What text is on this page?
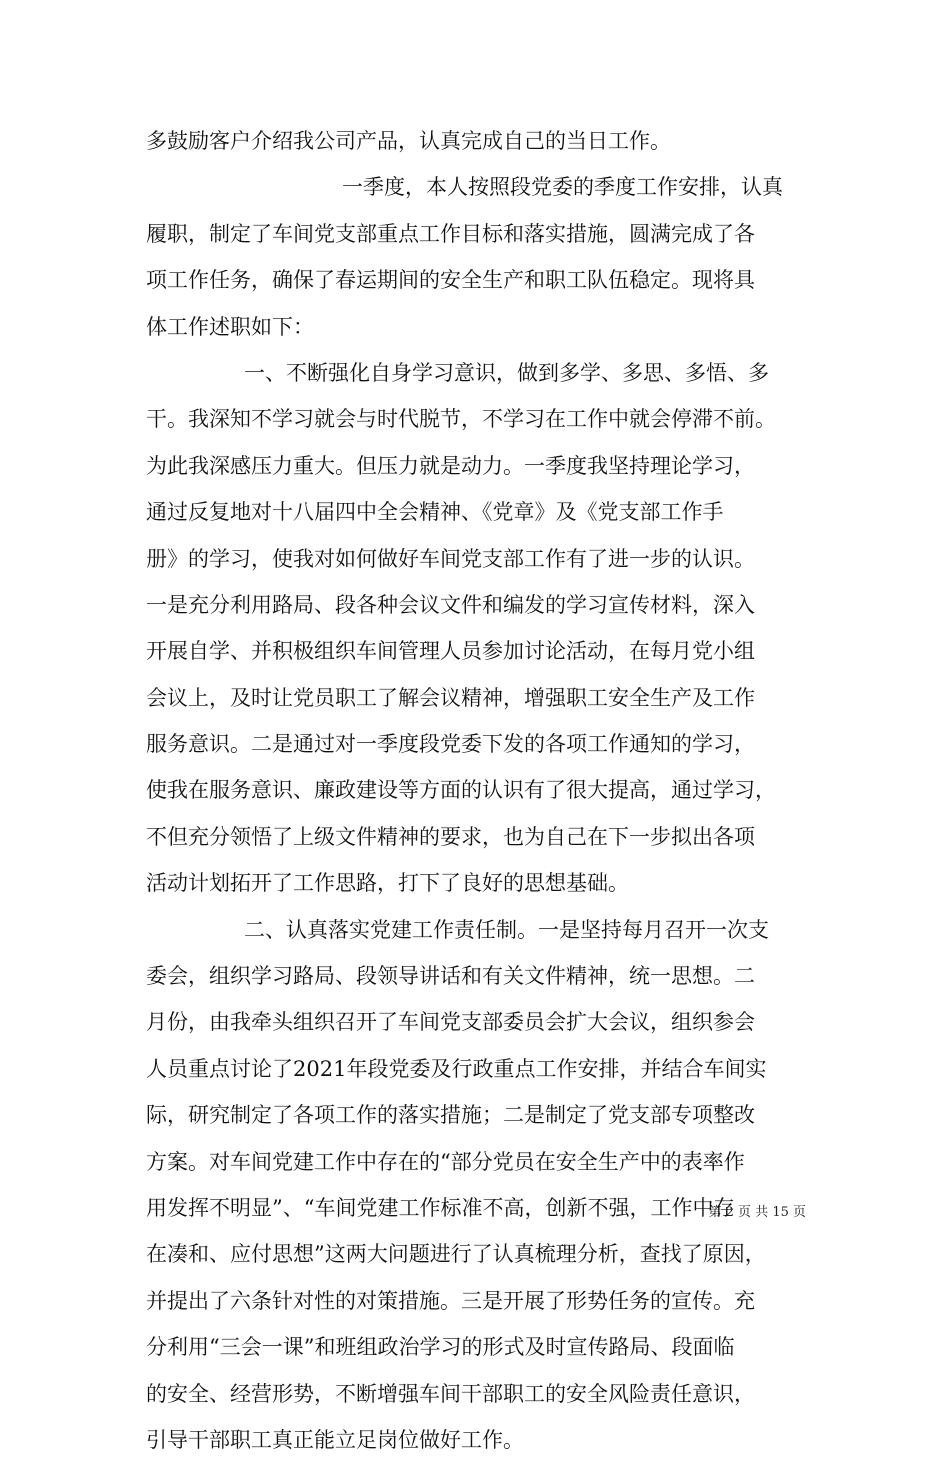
多鼓励客户介绍我公司产品，认真完成自己的当日工作。
一季度，本人按照段党委的季度工作安排，认真
履职，制定了车间党支部重点工作目标和落实措施，圆满完成了各
项工作任务，确保了春运期间的安全生产和职工队伍稳定。现将具
体工作述职如下：
一、不断强化自身学习意识，做到多学、多思、多悟、多
干。我深知不学习就会与时代脱节，不学习在工作中就会停滞不前。
为此我深感压力重大。但压力就是动力。一季度我坚持理论学习，
通过反复地对十八届四中全会精神、《党章》及《党支部工作手
册》的学习，使我对如何做好车间党支部工作有了进一步的认识。
一是充分利用路局、段各种会议文件和编发的学习宣传材料，深入
开展自学、并积极组织车间管理人员参加讨论活动，在每月党小组
会议上，及时让党员职工了解会议精神，增强职工安全生产及工作
服务意识。二是通过对一季度段党委下发的各项工作通知的学习，
使我在服务意识、廉政建设等方面的认识有了很大提高，通过学习，
不但充分领悟了上级文件精神的要求，也为自己在下一步拟出各项
活动计划拓开了工作思路，打下了良好的思想基础。
二、认真落实党建工作责任制。一是坚持每月召开一次支
委会，组织学习路局、段领导讲话和有关文件精神，统一思想。二
月份，由我牵头组织召开了车间党支部委员会扩大会议，组织参会
人员重点讨论了2021年段党委及行政重点工作安排，并结合车间实
际，研究制定了各项工作的落实措施；二是制定了党支部专项整改
方案。对车间党建工作中存在的“部分党员在安全生产中的表率作
用发挥不明显”、“车间党建工作标准不高，创新不强，工作中存
在凑和、应付思想”这两大问题进行了认真梳理分析，查找了原因，
并提出了六条针对性的对策措施。三是开展了形势任务的宣传。充
分利用“三会一课”和班组政治学习的形式及时宣传路局、段面临
的安全、经营形势，不断增强车间干部职工的安全风险责任意识，
引导干部职工真正能立足岗位做好工作。
第 2 页 共 15 页
